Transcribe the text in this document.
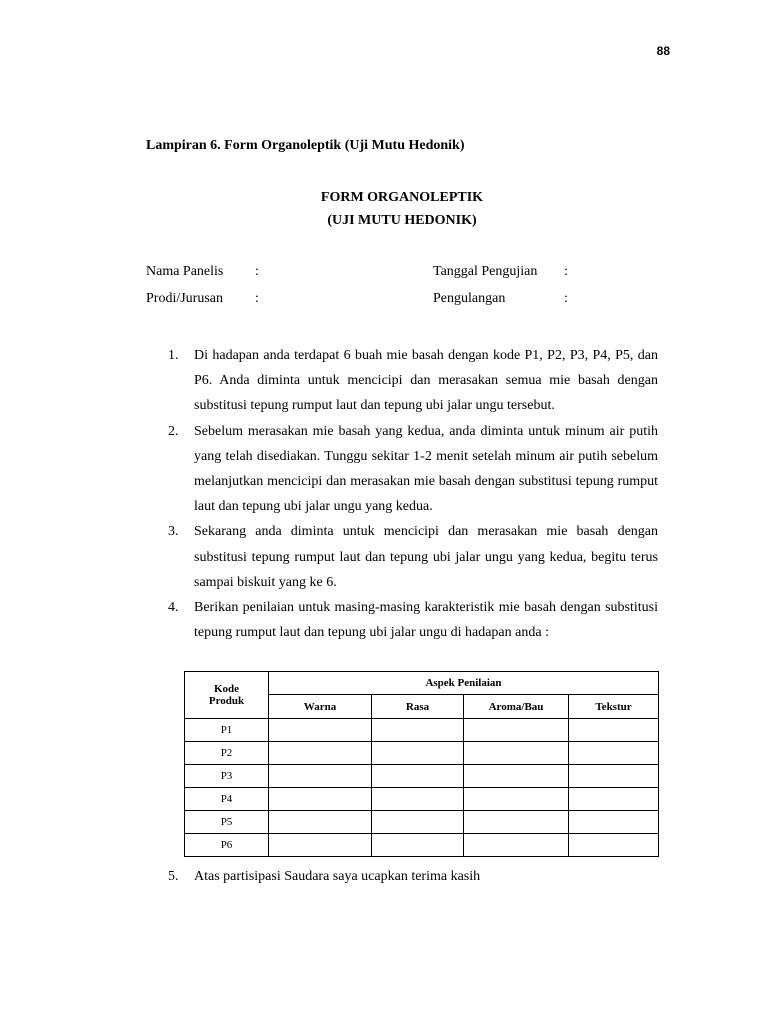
88
Lampiran 6. Form Organoleptik (Uji Mutu Hedonik)
FORM ORGANOLEPTIK
(UJI MUTU HEDONIK)
Nama Panelis :	Tanggal Pengujian :
Prodi/Jurusan :	Pengulangan	:
1. Di hadapan anda terdapat 6 buah mie basah dengan kode P1, P2, P3, P4, P5, dan P6. Anda diminta untuk mencicipi dan merasakan semua mie basah dengan substitusi tepung rumput laut dan tepung ubi jalar ungu tersebut.
2. Sebelum merasakan mie basah yang kedua, anda diminta untuk minum air putih yang telah disediakan. Tunggu sekitar 1-2 menit setelah minum air putih sebelum melanjutkan mencicipi dan merasakan mie basah dengan substitusi tepung rumput laut dan tepung ubi jalar ungu yang kedua.
3. Sekarang anda diminta untuk mencicipi dan merasakan mie basah dengan substitusi tepung rumput laut dan tepung ubi jalar ungu yang kedua, begitu terus sampai biskuit yang ke 6.
4. Berikan penilaian untuk masing-masing karakteristik mie basah dengan substitusi tepung rumput laut dan tepung ubi jalar ungu di hadapan anda :
Kode
Produk	Aspek Penilaian			
	Warna	Rasa	Aroma/Bau	Tekstur
P1				
P2				
P3				
P4				
P5				
P6				
5. Atas partisipasi Saudara saya ucapkan terima kasih
